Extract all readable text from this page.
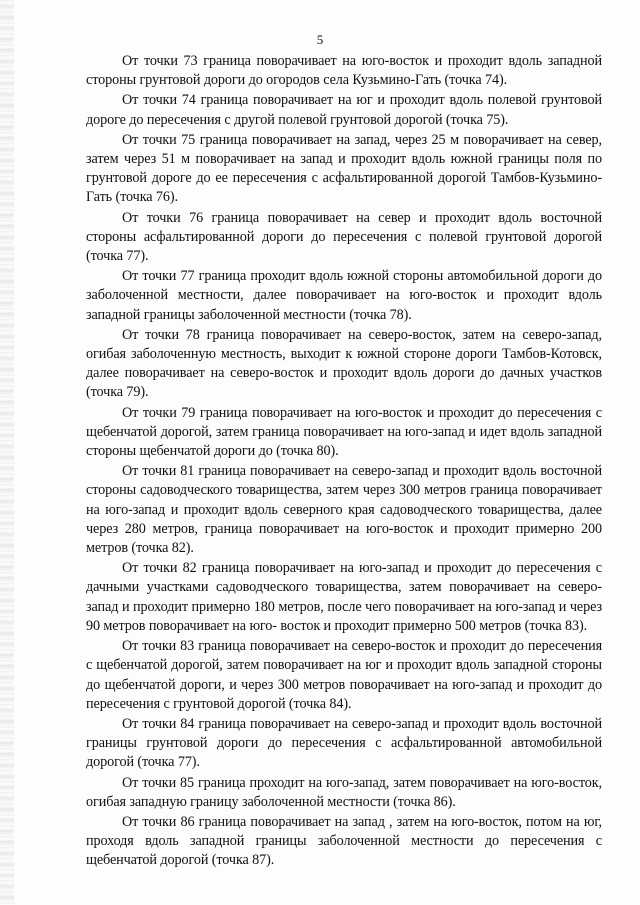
5

От точки 73 граница поворачивает на юго-восток и проходит вдоль западной стороны грунтовой дороги до огородов села Кузьмино-Гать (точка 74).

От точки 74 граница поворачивает на юг и проходит вдоль полевой грунтовой дороге до пересечения с другой полевой грунтовой дорогой (точка 75).

От точки 75 граница поворачивает на запад, через 25 м поворачивает на север, затем через 51 м поворачивает на запад и проходит вдоль южной границы поля по грунтовой дороге до ее пересечения с асфальтированной дорогой Тамбов-Кузьмино-Гать (точка 76).

От точки 76 граница поворачивает на север и проходит вдоль восточной стороны асфальтированной дороги до пересечения с полевой грунтовой дорогой (точка 77).

От точки 77 граница проходит вдоль южной стороны автомобильной дороги до заболоченной местности, далее поворачивает на юго-восток и проходит вдоль западной границы заболоченной местности (точка 78).

От точки 78 граница поворачивает на северо-восток, затем на северо-запад, огибая заболоченную местность, выходит к южной стороне дороги Тамбов-Котовск, далее поворачивает на северо-восток и проходит вдоль дороги до дачных участков (точка 79).

От точки 79 граница поворачивает на юго-восток и проходит до пересечения с щебенчатой дорогой, затем граница поворачивает на юго-запад и идет вдоль западной стороны щебенчатой дороги до (точка 80).

От точки 81 граница поворачивает на северо-запад и проходит вдоль восточной стороны садоводческого товарищества, затем через 300 метров граница поворачивает на юго-запад и проходит вдоль северного края садоводческого товарищества, далее через 280 метров, граница поворачивает на юго-восток и проходит примерно 200 метров (точка 82).

От точки 82 граница поворачивает на юго-запад и проходит до пересечения с дачными участками садоводческого товарищества, затем поворачивает на северо-запад и проходит примерно 180 метров, после чего поворачивает на юго-запад и через 90 метров поворачивает на юго- восток и проходит примерно 500 метров (точка 83).

От точки 83 граница поворачивает на северо-восток и проходит до пересечения с щебенчатой дорогой, затем поворачивает на юг и проходит вдоль западной стороны до щебенчатой дороги, и через 300 метров поворачивает на юго-запад и проходит до пересечения с грунтовой дорогой (точка 84).

От точки 84 граница поворачивает на северо-запад и проходит вдоль восточной границы грунтовой дороги до пересечения с асфальтированной автомобильной дорогой (точка 77).

От точки 85 граница проходит на юго-запад, затем поворачивает на юго-восток, огибая западную границу заболоченной местности (точка 86).

От точки 86 граница поворачивает на запад , затем на юго-восток, потом на юг, проходя вдоль западной границы заболоченной местности до пересечения с щебенчатой дорогой (точка 87).
